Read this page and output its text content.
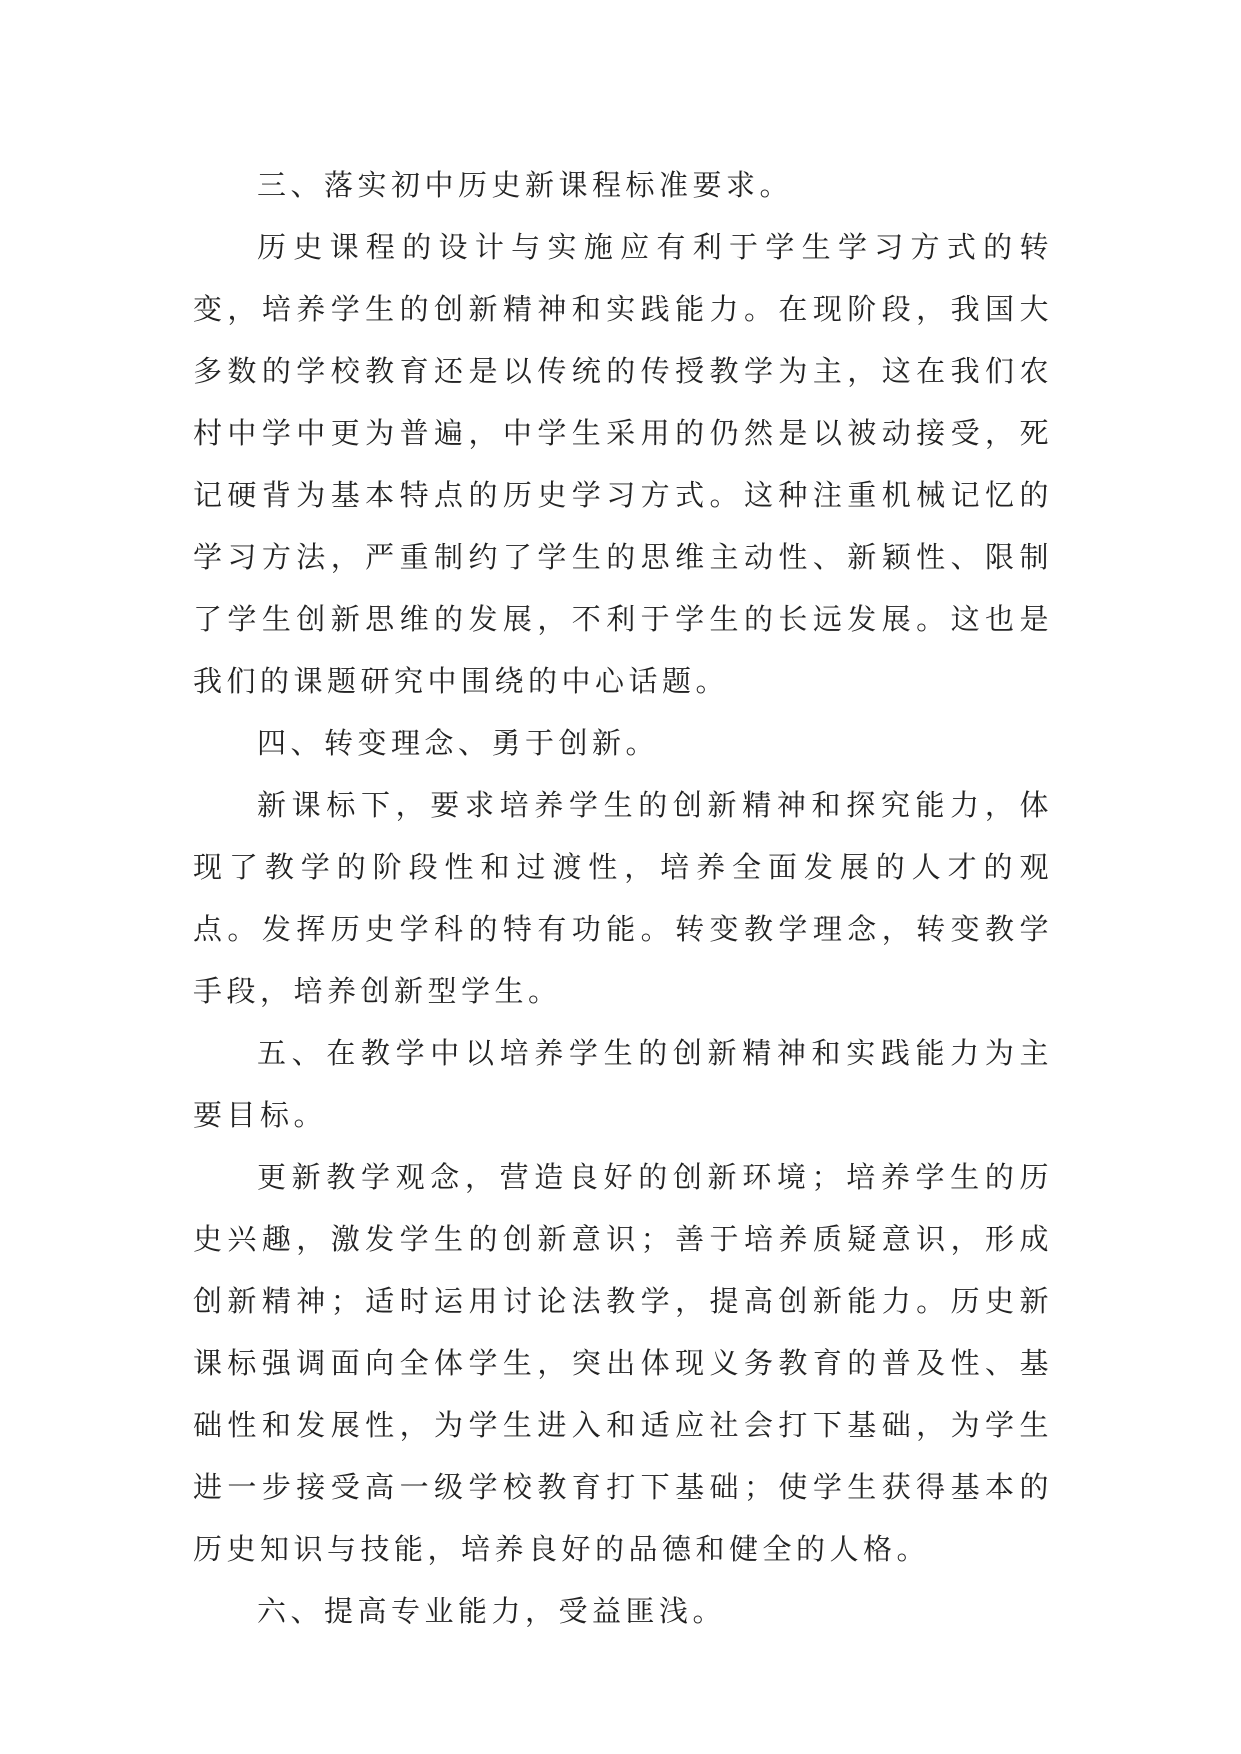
三、落实初中历史新课程标准要求。

历史课程的设计与实施应有利于学生学习方式的转变，培养学生的创新精神和实践能力。在现阶段，我国大多数的学校教育还是以传统的传授教学为主，这在我们农村中学中更为普遍，中学生采用的仍然是以被动接受，死记硬背为基本特点的历史学习方式。这种注重机械记忆的学习方法，严重制约了学生的思维主动性、新颖性、限制了学生创新思维的发展，不利于学生的长远发展。这也是我们的课题研究中围绕的中心话题。

四、转变理念、勇于创新。

新课标下，要求培养学生的创新精神和探究能力，体现了教学的阶段性和过渡性，培养全面发展的人才的观点。发挥历史学科的特有功能。转变教学理念，转变教学手段，培养创新型学生。

五、在教学中以培养学生的创新精神和实践能力为主要目标。

更新教学观念，营造良好的创新环境；培养学生的历史兴趣，激发学生的创新意识；善于培养质疑意识，形成创新精神；适时运用讨论法教学，提高创新能力。历史新课标强调面向全体学生，突出体现义务教育的普及性、基础性和发展性，为学生进入和适应社会打下基础，为学生进一步接受高一级学校教育打下基础；使学生获得基本的历史知识与技能，培养良好的品德和健全的人格。

六、提高专业能力，受益匪浅。
